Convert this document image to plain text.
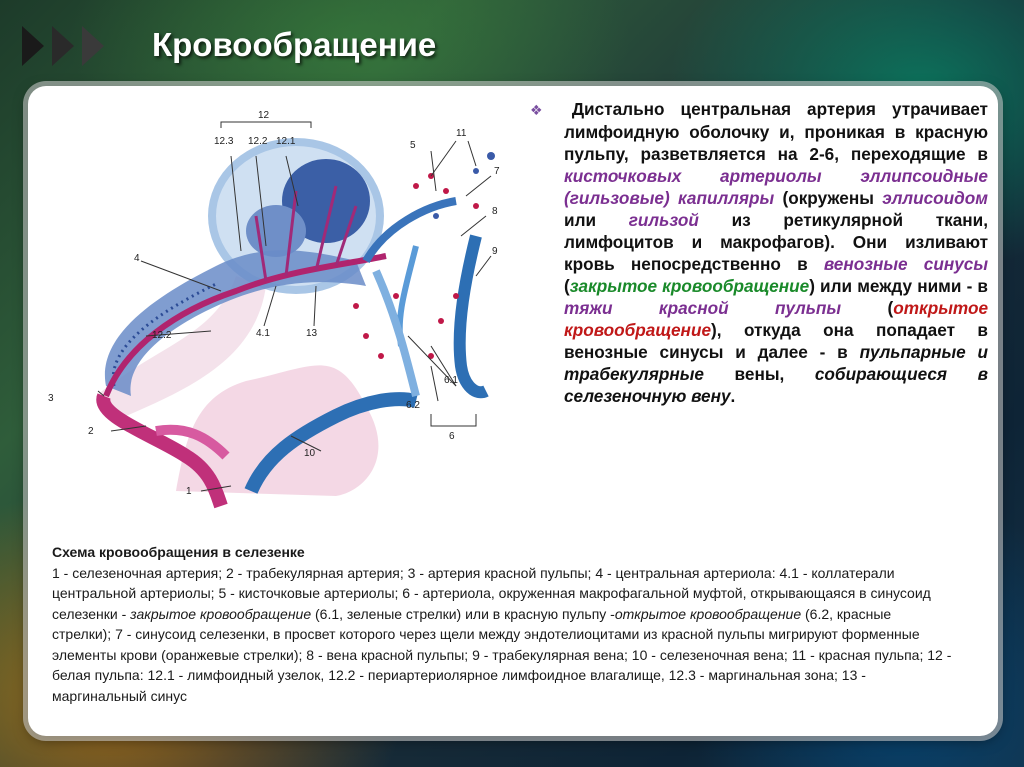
Кровообращение
12
12.3 12.2 12.1	5
11
7
8
9
4
4.1	13
12.2
3
2
1
10
6.1
6.2
6
❖ Дистально центральная артерия утрачивает лимфоидную оболочку и, проникая в красную пульпу, разветвляется на 2-6, переходящие в кисточковых артериолы эллипсоидные (гильзовые) капилляры (окружены эллисоидом или гильзой из ретикулярной ткани, лимфоцитов и макрофагов). Они изливают кровь непосредственно в венозные синусы (закрытое кровообращение) или между ними - в тяжи красной пульпы (открытое кровообращение), откуда она попадает в венозные синусы и далее - в пульпарные и трабекулярные вены, собирающиеся в селезеночную вену.
Схема кровообращения в селезенке
1 - селезеночная артерия; 2 - трабекулярная артерия; 3 - артерия красной пульпы; 4 - центральная артериола: 4.1 - коллатерали центральной артериолы; 5 - кисточковые артериолы; 6 - артериола, окруженная макрофагальной муфтой, открывающаяся в синусоид селезенки - закрытое кровообращение (6.1, зеленые стрелки) или в красную пульпу -открытое кровообращение (6.2, красные стрелки); 7 - синусоид селезенки, в просвет которого через щели между эндотелиоцитами из красной пульпы мигрируют форменные элементы крови (оранжевые стрелки); 8 - вена красной пульпы; 9 - трабекулярная вена; 10 - селезеночная вена; 11 - красная пульпа; 12 - белая пульпа: 12.1 - лимфоидный узелок, 12.2 - периартериолярное лимфоидное влагалище, 12.3 - маргинальная зона; 13 - маргинальный синус
